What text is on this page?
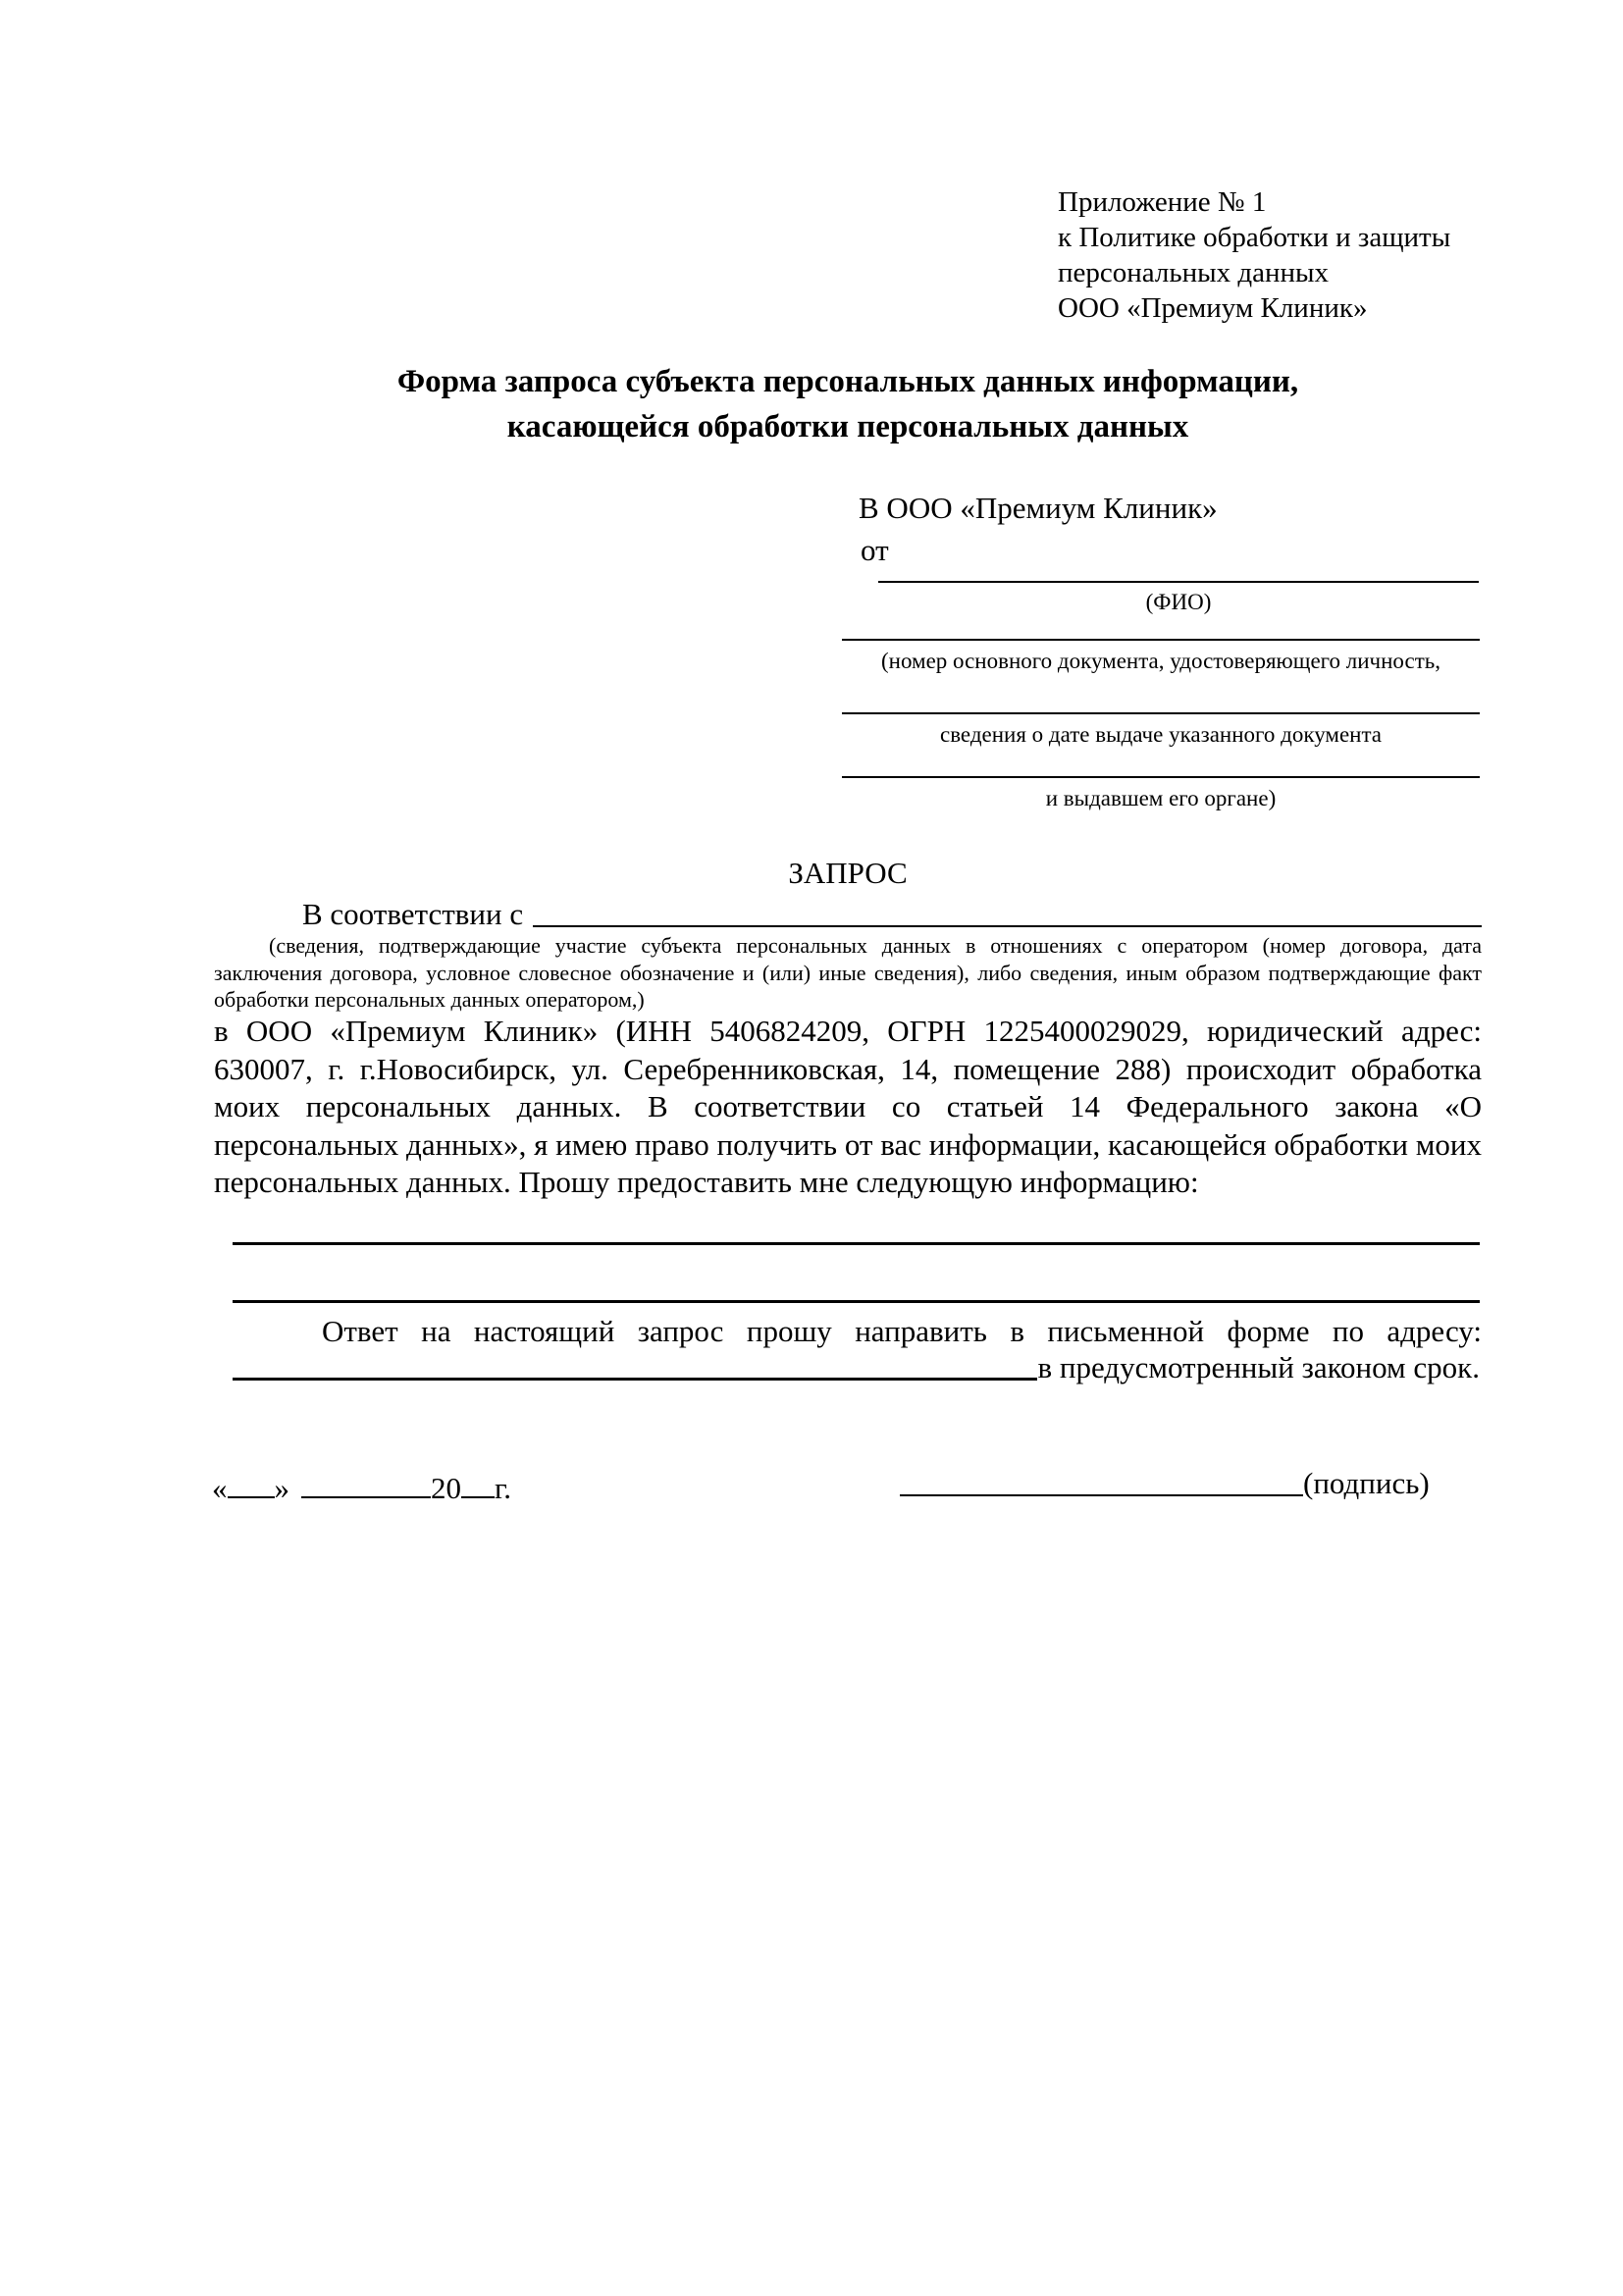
Приложение № 1
к Политике обработки и защиты
персональных данных
ООО «Премиум Клиник»
Форма запроса субъекта персональных данных информации,
касающейся обработки персональных данных
В ООО «Премиум Клиник»
от
(ФИО)
(номер основного документа, удостоверяющего личность,
сведения о дате выдаче указанного документа
и выдавшем его органе)
ЗАПРОС
В соответствии с
(сведения, подтверждающие участие субъекта персональных данных в отношениях с оператором (номер договора, дата заключения договора, условное словесное обозначение и (или) иные сведения), либо сведения, иным образом подтверждающие факт обработки персональных данных оператором,)
в ООО «Премиум Клиник» (ИНН 5406824209, ОГРН 1225400029029, юридический адрес: 630007, г. г.Новосибирск, ул. Серебренниковская, 14, помещение 288) происходит обработка моих персональных данных. В соответствии со статьей 14 Федерального закона «О персональных данных», я имею право получить от вас информации, касающейся обработки моих персональных данных. Прошу предоставить мне следующую информацию:
Ответ на настоящий запрос прошу направить в письменной форме по адресу:
в предусмотренный законом срок.
« »	20 г.	(подпись)
